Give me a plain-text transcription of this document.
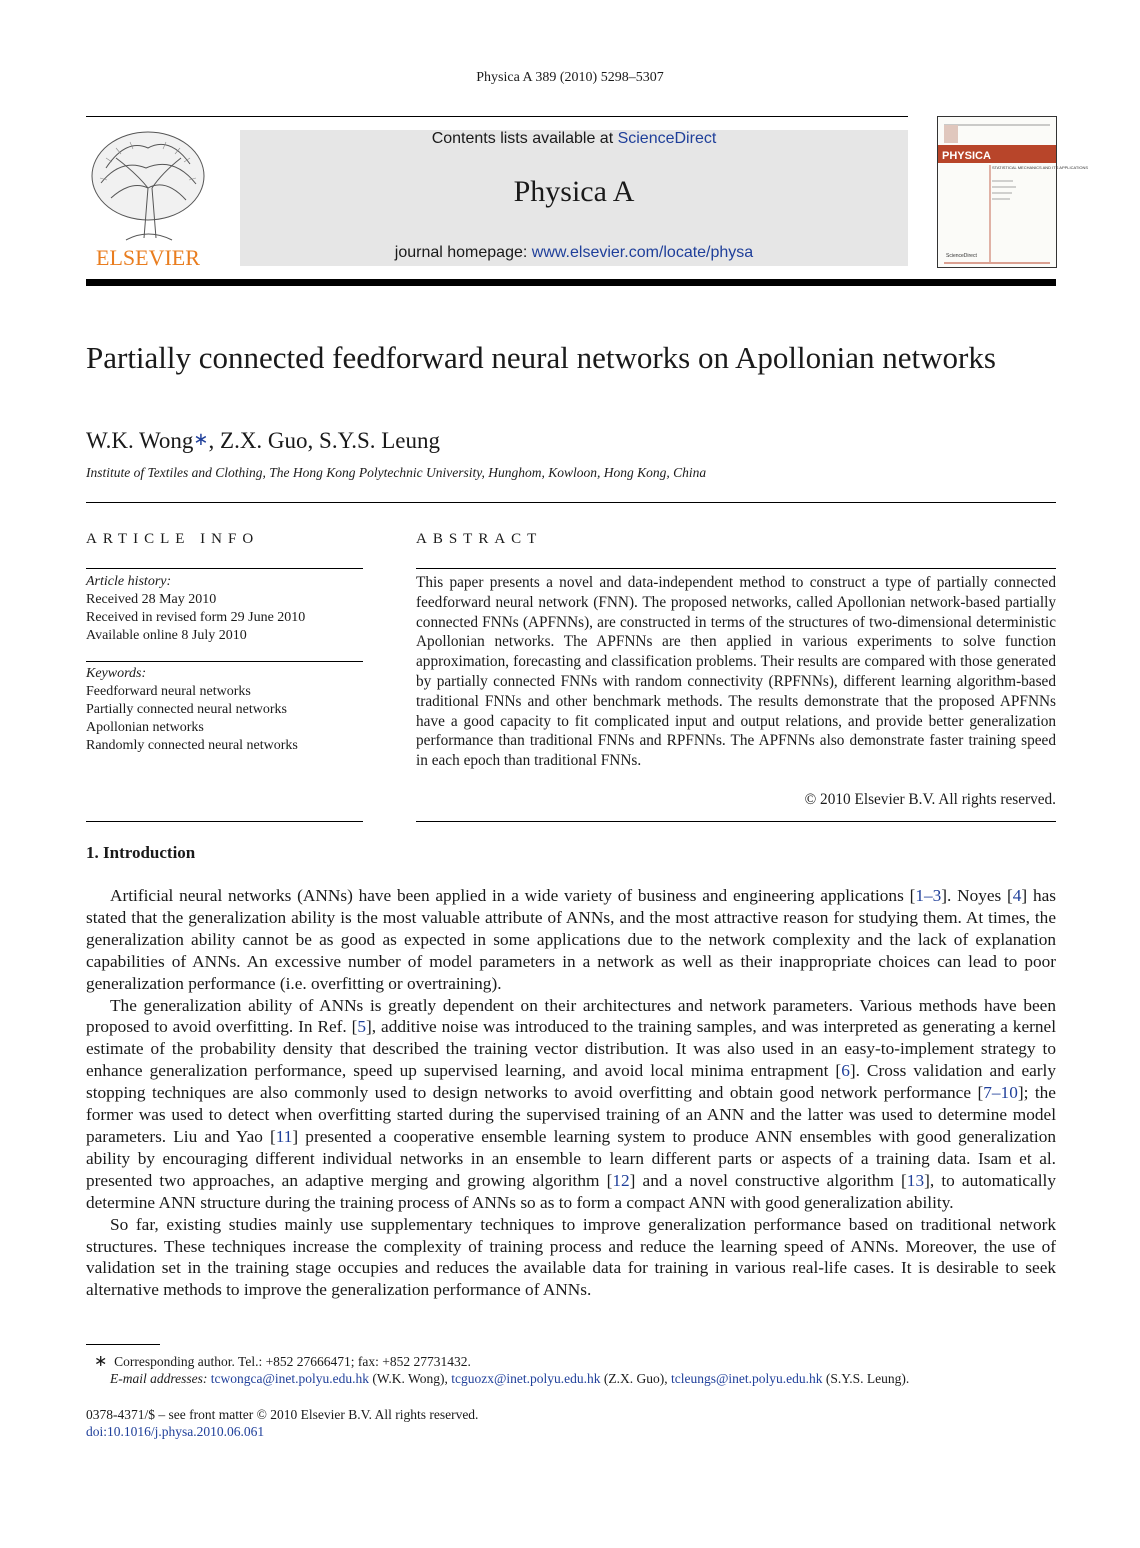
Physica A 389 (2010) 5298–5307
ELSEVIER
Contents lists available at ScienceDirect
Physica A
journal homepage: www.elsevier.com/locate/physa
PHYSICA
STATISTICAL MECHANICS AND ITS APPLICATIONS
ScienceDirect
Partially connected feedforward neural networks on Apollonian networks
W.K. Wong∗, Z.X. Guo, S.Y.S. Leung
Institute of Textiles and Clothing, The Hong Kong Polytechnic University, Hunghom, Kowloon, Hong Kong, China
ARTICLE INFO	ABSTRACT
Article history:
Received 28 May 2010
Received in revised form 29 June 2010
Available online 8 July 2010
Keywords:
Feedforward neural networks
Partially connected neural networks
Apollonian networks
Randomly connected neural networks
This paper presents a novel and data-independent method to construct a type of partially connected feedforward neural network (FNN). The proposed networks, called Apollonian network-based partially connected FNNs (APFNNs), are constructed in terms of the structures of two-dimensional deterministic Apollonian networks. The APFNNs are then applied in various experiments to solve function approximation, forecasting and classification problems. Their results are compared with those generated by partially connected FNNs with random connectivity (RPFNNs), different learning algorithm-based traditional FNNs and other benchmark methods. The results demonstrate that the proposed APFNNs have a good capacity to fit complicated input and output relations, and provide better generalization performance than traditional FNNs and RPFNNs. The APFNNs also demonstrate faster training speed in each epoch than traditional FNNs.
© 2010 Elsevier B.V. All rights reserved.
1. Introduction

Artificial neural networks (ANNs) have been applied in a wide variety of business and engineering applications [1–3]. Noyes [4] has stated that the generalization ability is the most valuable attribute of ANNs, and the most attractive reason for studying them. At times, the generalization ability cannot be as good as expected in some applications due to the network complexity and the lack of explanation capabilities of ANNs. An excessive number of model parameters in a network as well as their inappropriate choices can lead to poor generalization performance (i.e. overfitting or overtraining).

The generalization ability of ANNs is greatly dependent on their architectures and network parameters. Various methods have been proposed to avoid overfitting. In Ref. [5], additive noise was introduced to the training samples, and was interpreted as generating a kernel estimate of the probability density that described the training vector distribution. It was also used in an easy-to-implement strategy to enhance generalization performance, speed up supervised learning, and avoid local minima entrapment [6]. Cross validation and early stopping techniques are also commonly used to design networks to avoid overfitting and obtain good network performance [7–10]; the former was used to detect when overfitting started during the supervised training of an ANN and the latter was used to determine model parameters. Liu and Yao [11] presented a cooperative ensemble learning system to produce ANN ensembles with good generalization ability by encouraging different individual networks in an ensemble to learn different parts or aspects of a training data. Isam et al. presented two approaches, an adaptive merging and growing algorithm [12] and a novel constructive algorithm [13], to automatically determine ANN structure during the training process of ANNs so as to form a compact ANN with good generalization ability.

So far, existing studies mainly use supplementary techniques to improve generalization performance based on traditional network structures. These techniques increase the complexity of training process and reduce the learning speed of ANNs. Moreover, the use of validation set in the training stage occupies and reduces the available data for training in various real-life cases. It is desirable to seek alternative methods to improve the generalization performance of ANNs.

∗ Corresponding author. Tel.: +852 27666471; fax: +852 27731432.
E-mail addresses: tcwongca@inet.polyu.edu.hk (W.K. Wong), tcguozx@inet.polyu.edu.hk (Z.X. Guo), tcleungs@inet.polyu.edu.hk (S.Y.S. Leung).
0378-4371/$ – see front matter © 2010 Elsevier B.V. All rights reserved.
doi:10.1016/j.physa.2010.06.061
